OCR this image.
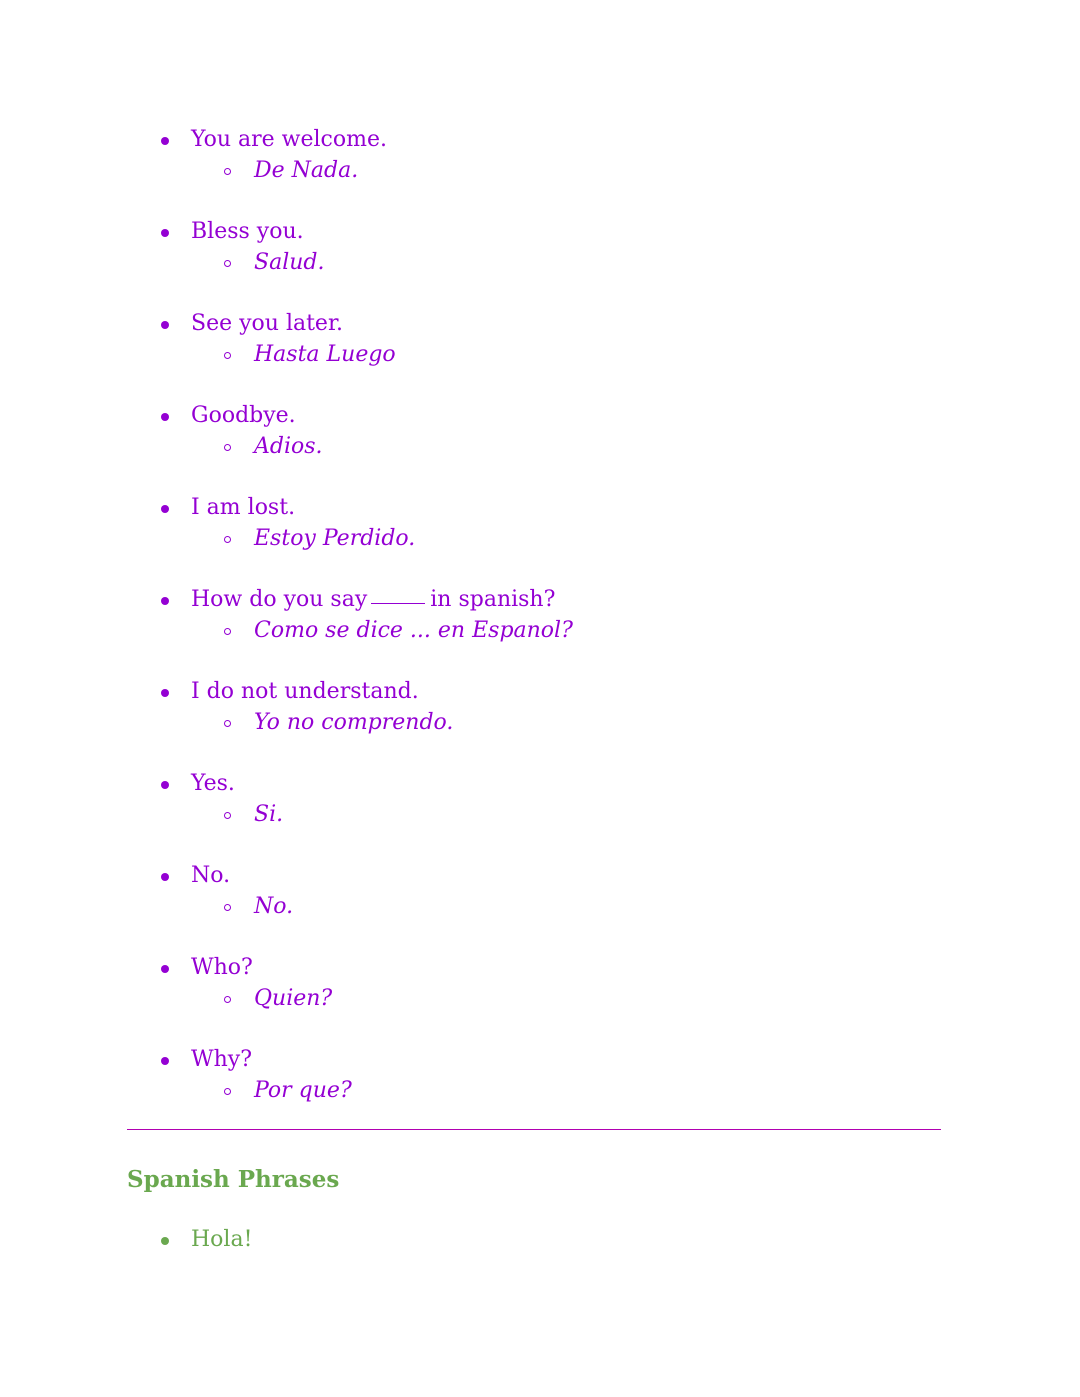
You are welcome.
De Nada.
Bless you.
Salud.
See you later.
Hasta Luego
Goodbye.
Adios.
I am lost.
Estoy Perdido.
How do you say	in spanish?
Como se dice ... en Espanol?
I do not understand.
Yo no comprendo.
Yes.
Si.
No.
No.
Who?
Quien?
Why?
Por que?
Spanish Phrases
Hola!
